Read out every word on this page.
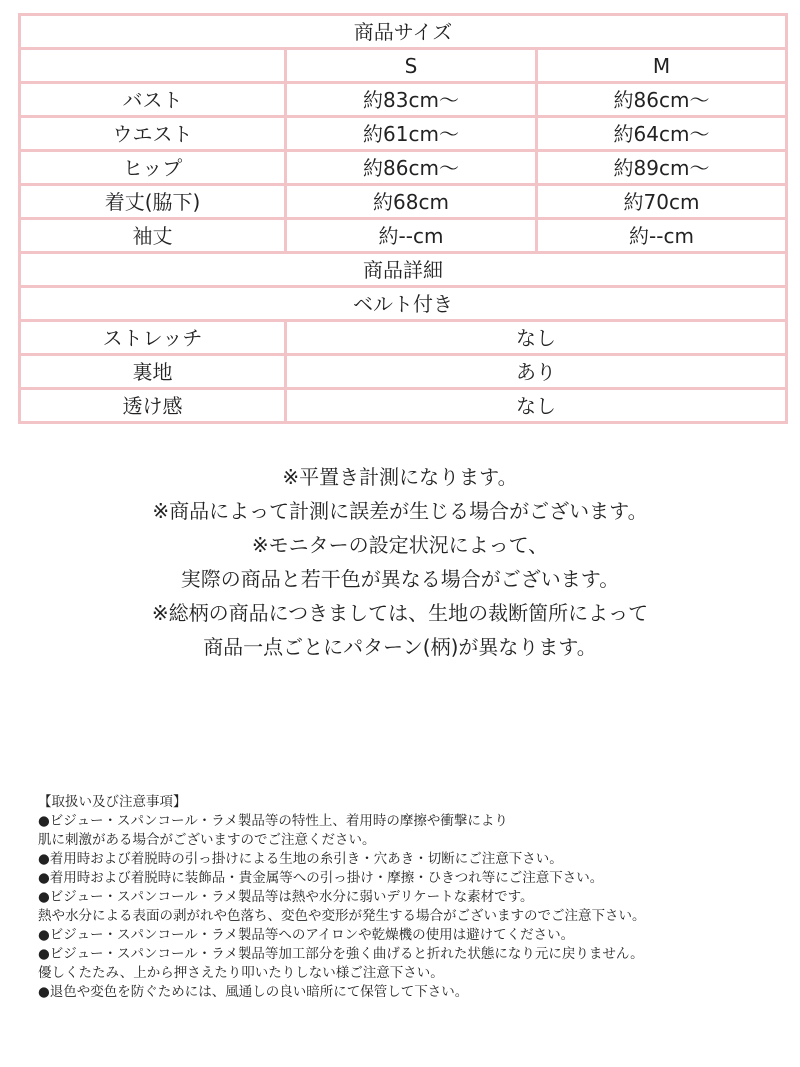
商品サイズ		
	S	M
バスト	約83cm～	約86cm～
ウエスト	約61cm～	約64cm～
ヒップ	約86cm～	約89cm～
着丈(脇下)	約68cm	約70cm
袖丈	約--cm	約--cm
商品詳細		
ベルト付き		
ストレッチ	なし	
裏地	あり	
透け感	なし	
※平置き計測になります。
※商品によって計測に誤差が生じる場合がございます。
※モニターの設定状況によって、
実際の商品と若干色が異なる場合がございます。
※総柄の商品につきましては、生地の裁断箇所によって
商品一点ごとにパターン(柄)が異なります。
【取扱い及び注意事項】
●ビジュー・スパンコール・ラメ製品等の特性上、着用時の摩擦や衝撃により
肌に刺激がある場合がございますのでご注意ください。
●着用時および着脱時の引っ掛けによる生地の糸引き・穴あき・切断にご注意下さい。
●着用時および着脱時に装飾品・貴金属等への引っ掛け・摩擦・ひきつれ等にご注意下さい。
●ビジュー・スパンコール・ラメ製品等は熱や水分に弱いデリケートな素材です。
熱や水分による表面の剥がれや色落ち、変色や変形が発生する場合がございますのでご注意下さい。
●ビジュー・スパンコール・ラメ製品等へのアイロンや乾燥機の使用は避けてください。
●ビジュー・スパンコール・ラメ製品等加工部分を強く曲げると折れた状態になり元に戻りません。
優しくたたみ、上から押さえたり叩いたりしない様ご注意下さい。
●退色や変色を防ぐためには、風通しの良い暗所にて保管して下さい。
